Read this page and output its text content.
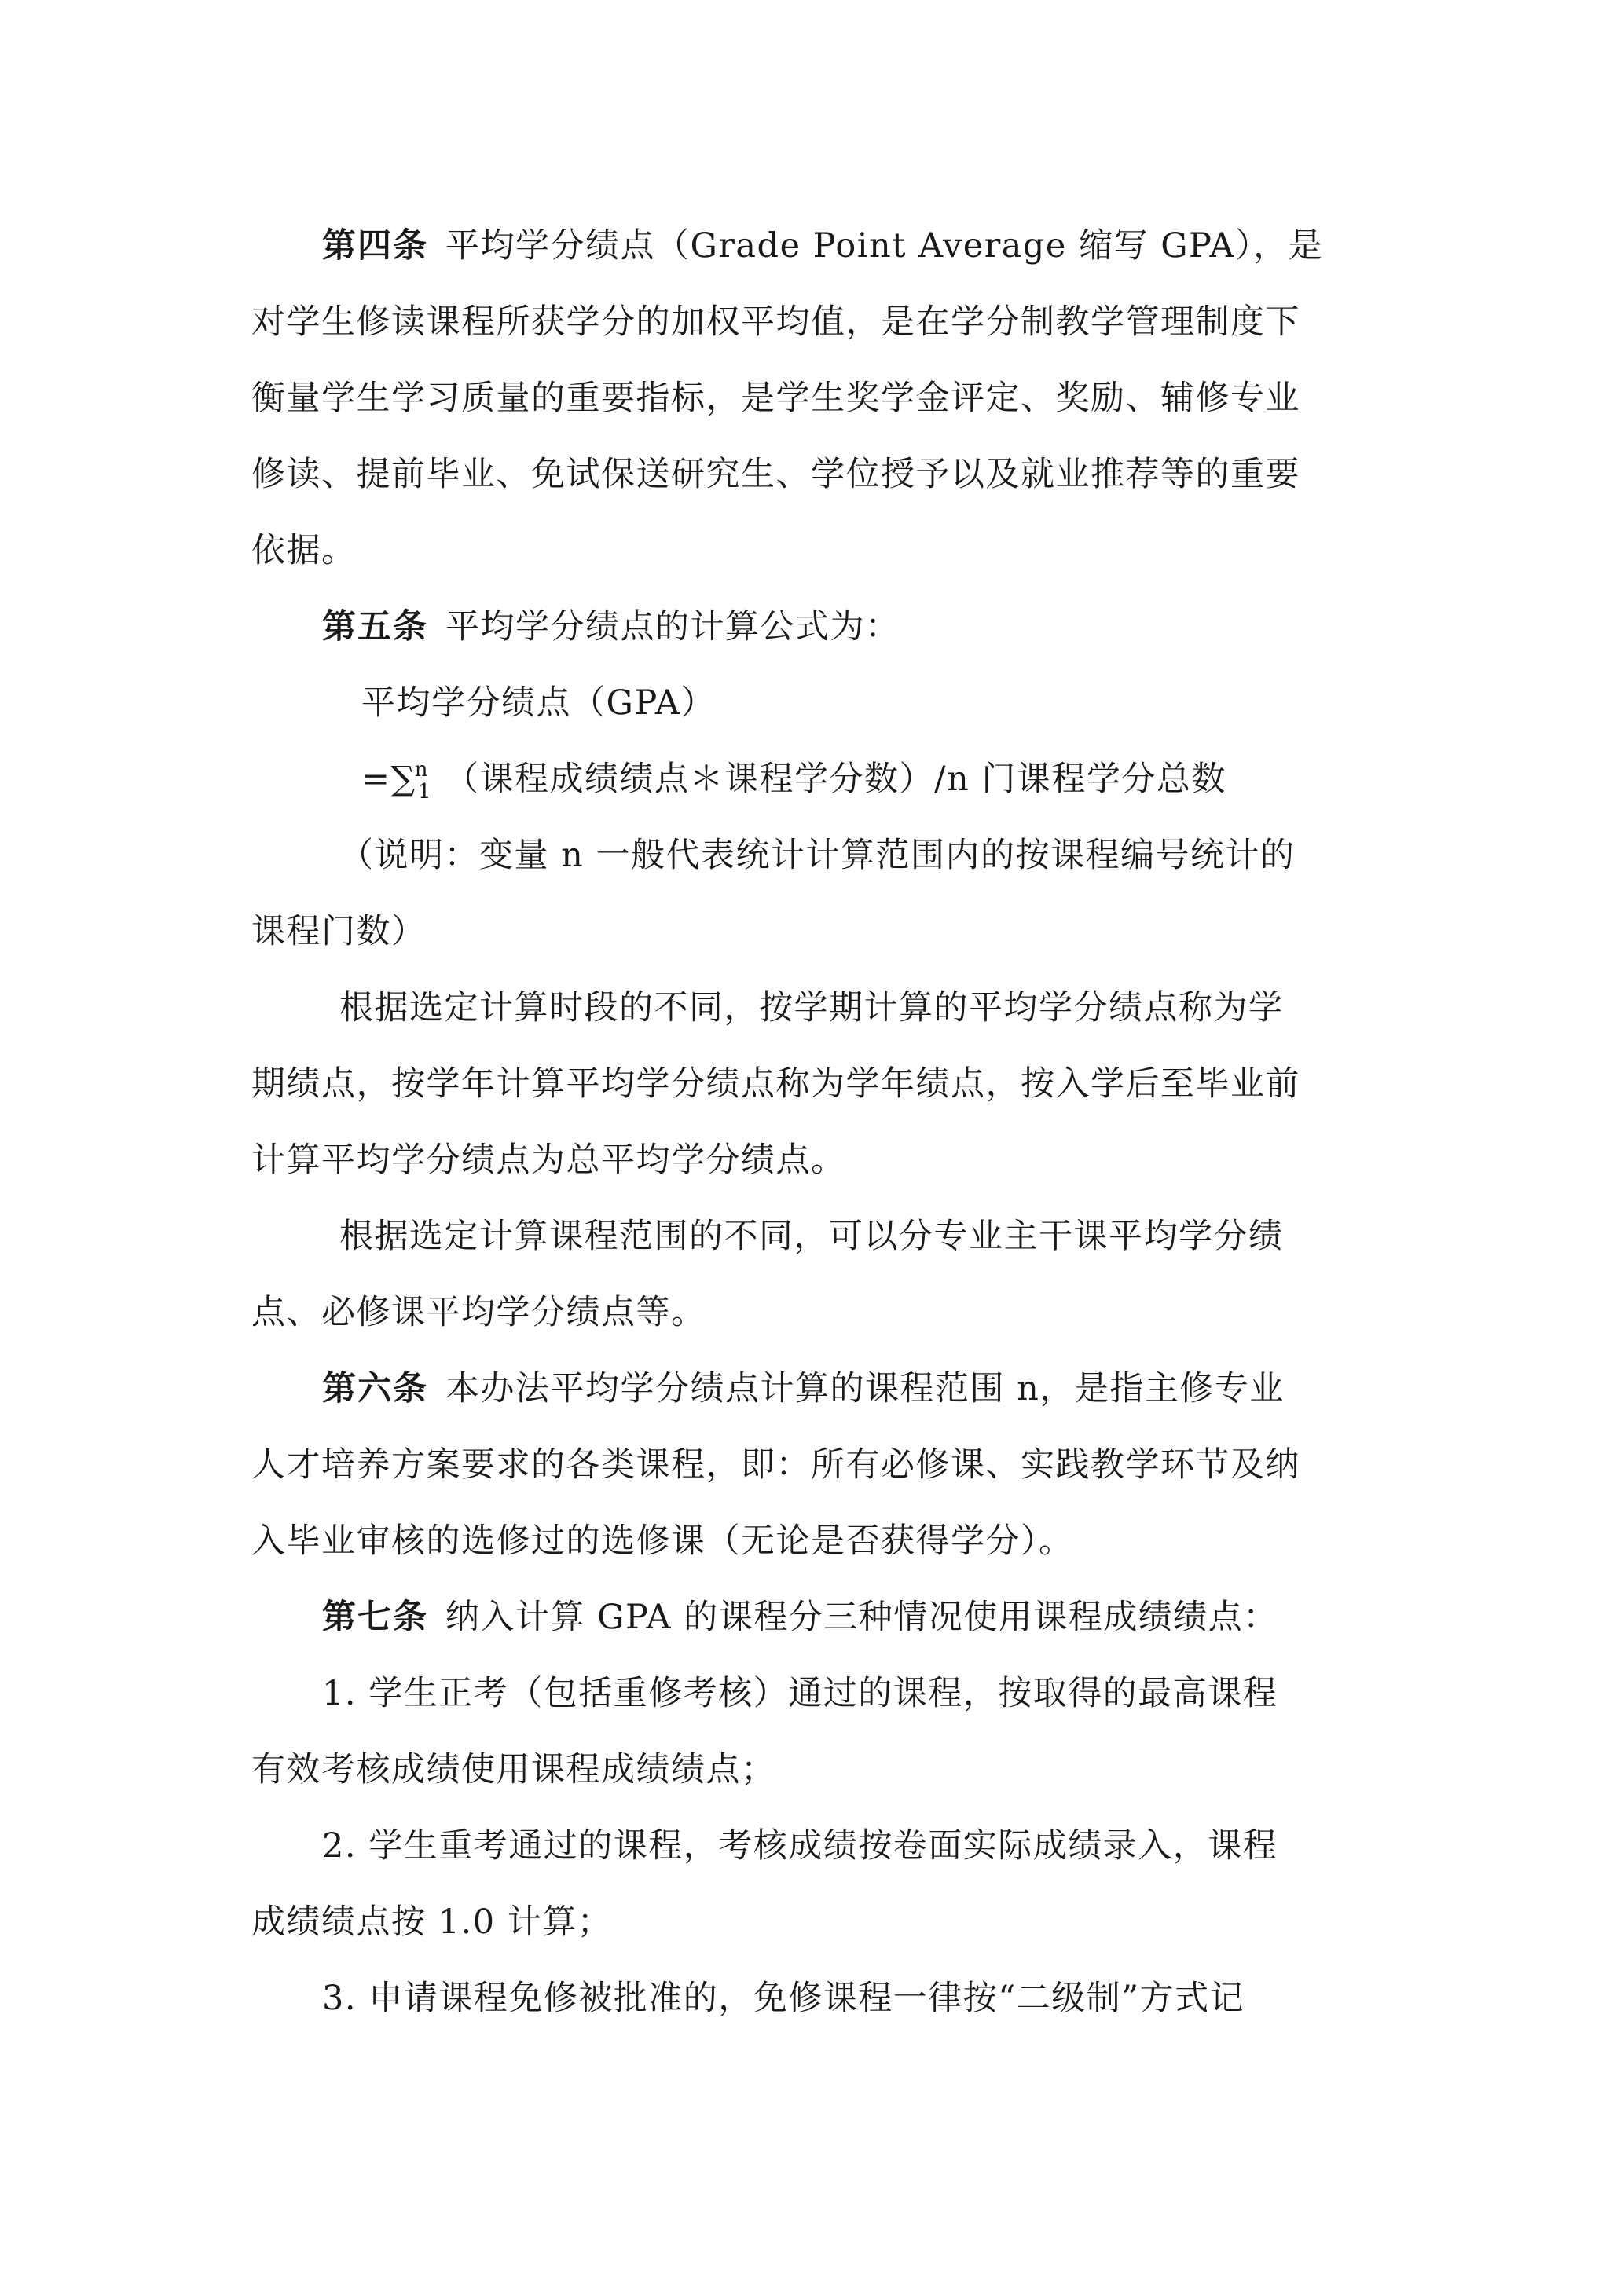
第四条 平均学分绩点（Grade Point Average 缩写 GPA），是
对学生修读课程所获学分的加权平均值，是在学分制教学管理制度下
衡量学生学习质量的重要指标，是学生奖学金评定、奖励、辅修专业
修读、提前毕业、免试保送研究生、学位授予以及就业推荐等的重要
依据。
第五条 平均学分绩点的计算公式为：
平均学分绩点（GPA）
=∑$^n_1$ （课程成绩绩点＊课程学分数）/n 门课程学分总数
（说明：变量 n 一般代表统计计算范围内的按课程编号统计的
课程门数）
根据选定计算时段的不同，按学期计算的平均学分绩点称为学
期绩点，按学年计算平均学分绩点称为学年绩点，按入学后至毕业前
计算平均学分绩点为总平均学分绩点。
根据选定计算课程范围的不同，可以分专业主干课平均学分绩
点、必修课平均学分绩点等。
第六条 本办法平均学分绩点计算的课程范围 n，是指主修专业
人才培养方案要求的各类课程，即：所有必修课、实践教学环节及纳
入毕业审核的选修过的选修课（无论是否获得学分）。
第七条 纳入计算 GPA 的课程分三种情况使用课程成绩绩点：
1. 学生正考（包括重修考核）通过的课程，按取得的最高课程
有效考核成绩使用课程成绩绩点；
2. 学生重考通过的课程，考核成绩按卷面实际成绩录入，课程
成绩绩点按 1.0 计算；
3. 申请课程免修被批准的，免修课程一律按“二级制”方式记
